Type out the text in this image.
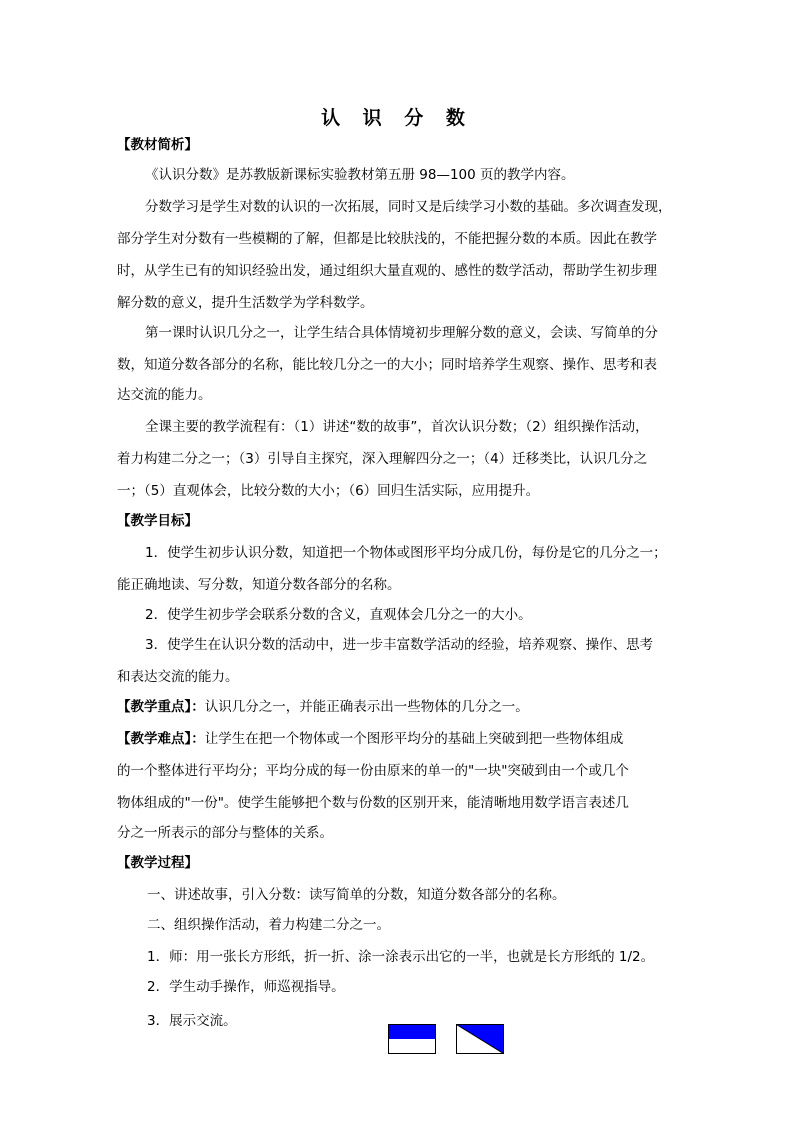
认 识 分 数
【教材简析】
《认识分数》是苏教版新课标实验教材第五册 98—100 页的教学内容。
分数学习是学生对数的认识的一次拓展，同时又是后续学习小数的基础。多次调查发现，
部分学生对分数有一些模糊的了解，但都是比较肤浅的，不能把握分数的本质。因此在教学
时，从学生已有的知识经验出发，通过组织大量直观的、感性的数学活动，帮助学生初步理
解分数的意义，提升生活数学为学科数学。
第一课时认识几分之一，让学生结合具体情境初步理解分数的意义，会读、写简单的分
数，知道分数各部分的名称，能比较几分之一的大小；同时培养学生观察、操作、思考和表
达交流的能力。
全课主要的教学流程有：（1）讲述“数的故事”，首次认识分数；（2）组织操作活动，
着力构建二分之一；（3）引导自主探究，深入理解四分之一；（4）迁移类比，认识几分之
一；（5）直观体会，比较分数的大小；（6）回归生活实际，应用提升。
【教学目标】
1．使学生初步认识分数，知道把一个物体或图形平均分成几份，每份是它的几分之一；
能正确地读、写分数，知道分数各部分的名称。
2．使学生初步学会联系分数的含义，直观体会几分之一的大小。
3．使学生在认识分数的活动中，进一步丰富数学活动的经验，培养观察、操作、思考
和表达交流的能力。
【教学重点】：认识几分之一，并能正确表示出一些物体的几分之一。
【教学难点】：让学生在把一个物体或一个图形平均分的基础上突破到把一些物体组成
的一个整体进行平均分；平均分成的每一份由原来的单一的"一块"突破到由一个或几个
物体组成的"一份"。使学生能够把个数与份数的区别开来，能清晰地用数学语言表述几
分之一所表示的部分与整体的关系。
【教学过程】
一、讲述故事，引入分数：读写简单的分数，知道分数各部分的名称。
二、组织操作活动，着力构建二分之一。
1．师：用一张长方形纸，折一折、涂一涂表示出它的一半，也就是长方形纸的 1/2。
2．学生动手操作，师巡视指导。
3．展示交流。
